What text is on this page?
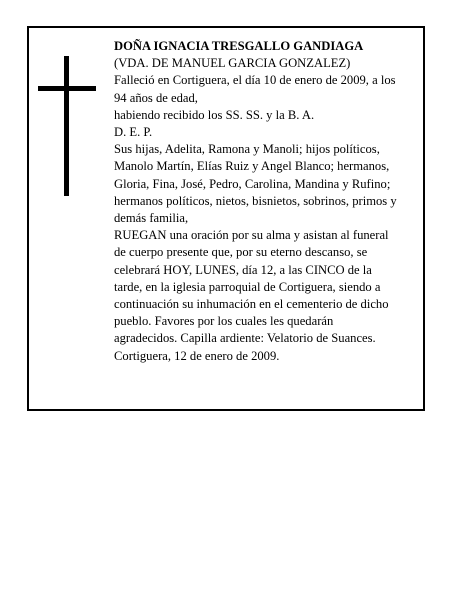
DOÑA IGNACIA TRESGALLO GANDIAGA
(VDA. DE MANUEL GARCIA GONZALEZ)
Falleció en Cortiguera, el día 10 de enero de 2009, a los
94 años de edad,
habiendo recibido los SS. SS. y la B. A.
D. E. P.
Sus hijas, Adelita, Ramona y Manoli; hijos políticos,
Manolo Martín, Elías Ruiz y Angel Blanco; hermanos,
Gloria, Fina, José, Pedro, Carolina, Mandina y Rufino;
hermanos políticos, nietos, bisnietos, sobrinos, primos y
demás familia,
RUEGAN una oración por su alma y asistan al funeral
de cuerpo presente que, por su eterno descanso, se
celebrará HOY, LUNES, día 12, a las CINCO de la
tarde, en la iglesia parroquial de Cortiguera, siendo a
continuación su inhumación en el cementerio de dicho
pueblo. Favores por los cuales les quedarán
agradecidos. Capilla ardiente: Velatorio de Suances.
Cortiguera, 12 de enero de 2009.
